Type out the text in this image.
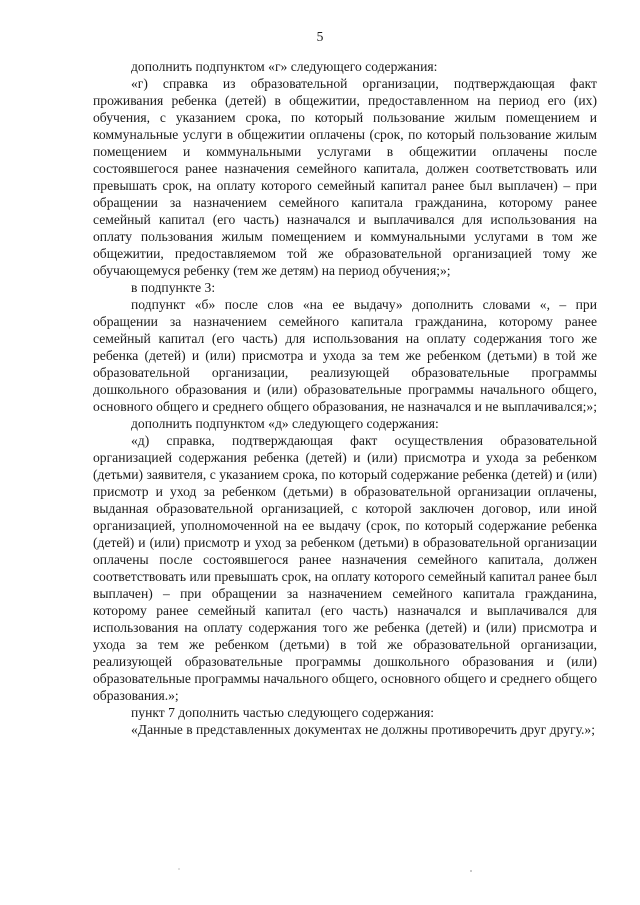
5

дополнить подпунктом «г» следующего содержания:

«г) справка из образовательной организации, подтверждающая факт проживания ребенка (детей) в общежитии, предоставленном на период его (их) обучения, с указанием срока, по который пользование жилым помещением и коммунальные услуги в общежитии оплачены (срок, по который пользование жилым помещением и коммунальными услугами в общежитии оплачены после состоявшегося ранее назначения семейного капитала, должен соответствовать или превышать срок, на оплату которого семейный капитал ранее был выплачен) – при обращении за назначением семейного капитала гражданина, которому ранее семейный капитал (его часть) назначался и выплачивался для использования на оплату пользования жилым помещением и коммунальными услугами в том же общежитии, предоставляемом той же образовательной организацией тому же обучающемуся ребенку (тем же детям) на период обучения;»;

в подпункте 3:

подпункт «б» после слов «на ее выдачу» дополнить словами «, – при обращении за назначением семейного капитала гражданина, которому ранее семейный капитал (его часть) для использования на оплату содержания того же ребенка (детей) и (или) присмотра и ухода за тем же ребенком (детьми) в той же образовательной организации, реализующей образовательные программы дошкольного образования и (или) образовательные программы начального общего, основного общего и среднего общего образования, не назначался и не выплачивался;»;

дополнить подпунктом «д» следующего содержания:

«д) справка, подтверждающая факт осуществления образовательной организацией содержания ребенка (детей) и (или) присмотра и ухода за ребенком (детьми) заявителя, с указанием срока, по который содержание ребенка (детей) и (или) присмотр и уход за ребенком (детьми) в образовательной организации оплачены, выданная образовательной организацией, с которой заключен договор, или иной организацией, уполномоченной на ее выдачу (срок, по который содержание ребенка (детей) и (или) присмотр и уход за ребенком (детьми) в образовательной организации оплачены после состоявшегося ранее назначения семейного капитала, должен соответствовать или превышать срок, на оплату которого семейный капитал ранее был выплачен) – при обращении за назначением семейного капитала гражданина, которому ранее семейный капитал (его часть) назначался и выплачивался для использования на оплату содержания того же ребенка (детей) и (или) присмотра и ухода за тем же ребенком (детьми) в той же образовательной организации, реализующей образовательные программы дошкольного образования и (или) образовательные программы начального общего, основного общего и среднего общего образования.»;

пункт 7 дополнить частью следующего содержания:

«Данные в представленных документах не должны противоречить друг другу.»;
